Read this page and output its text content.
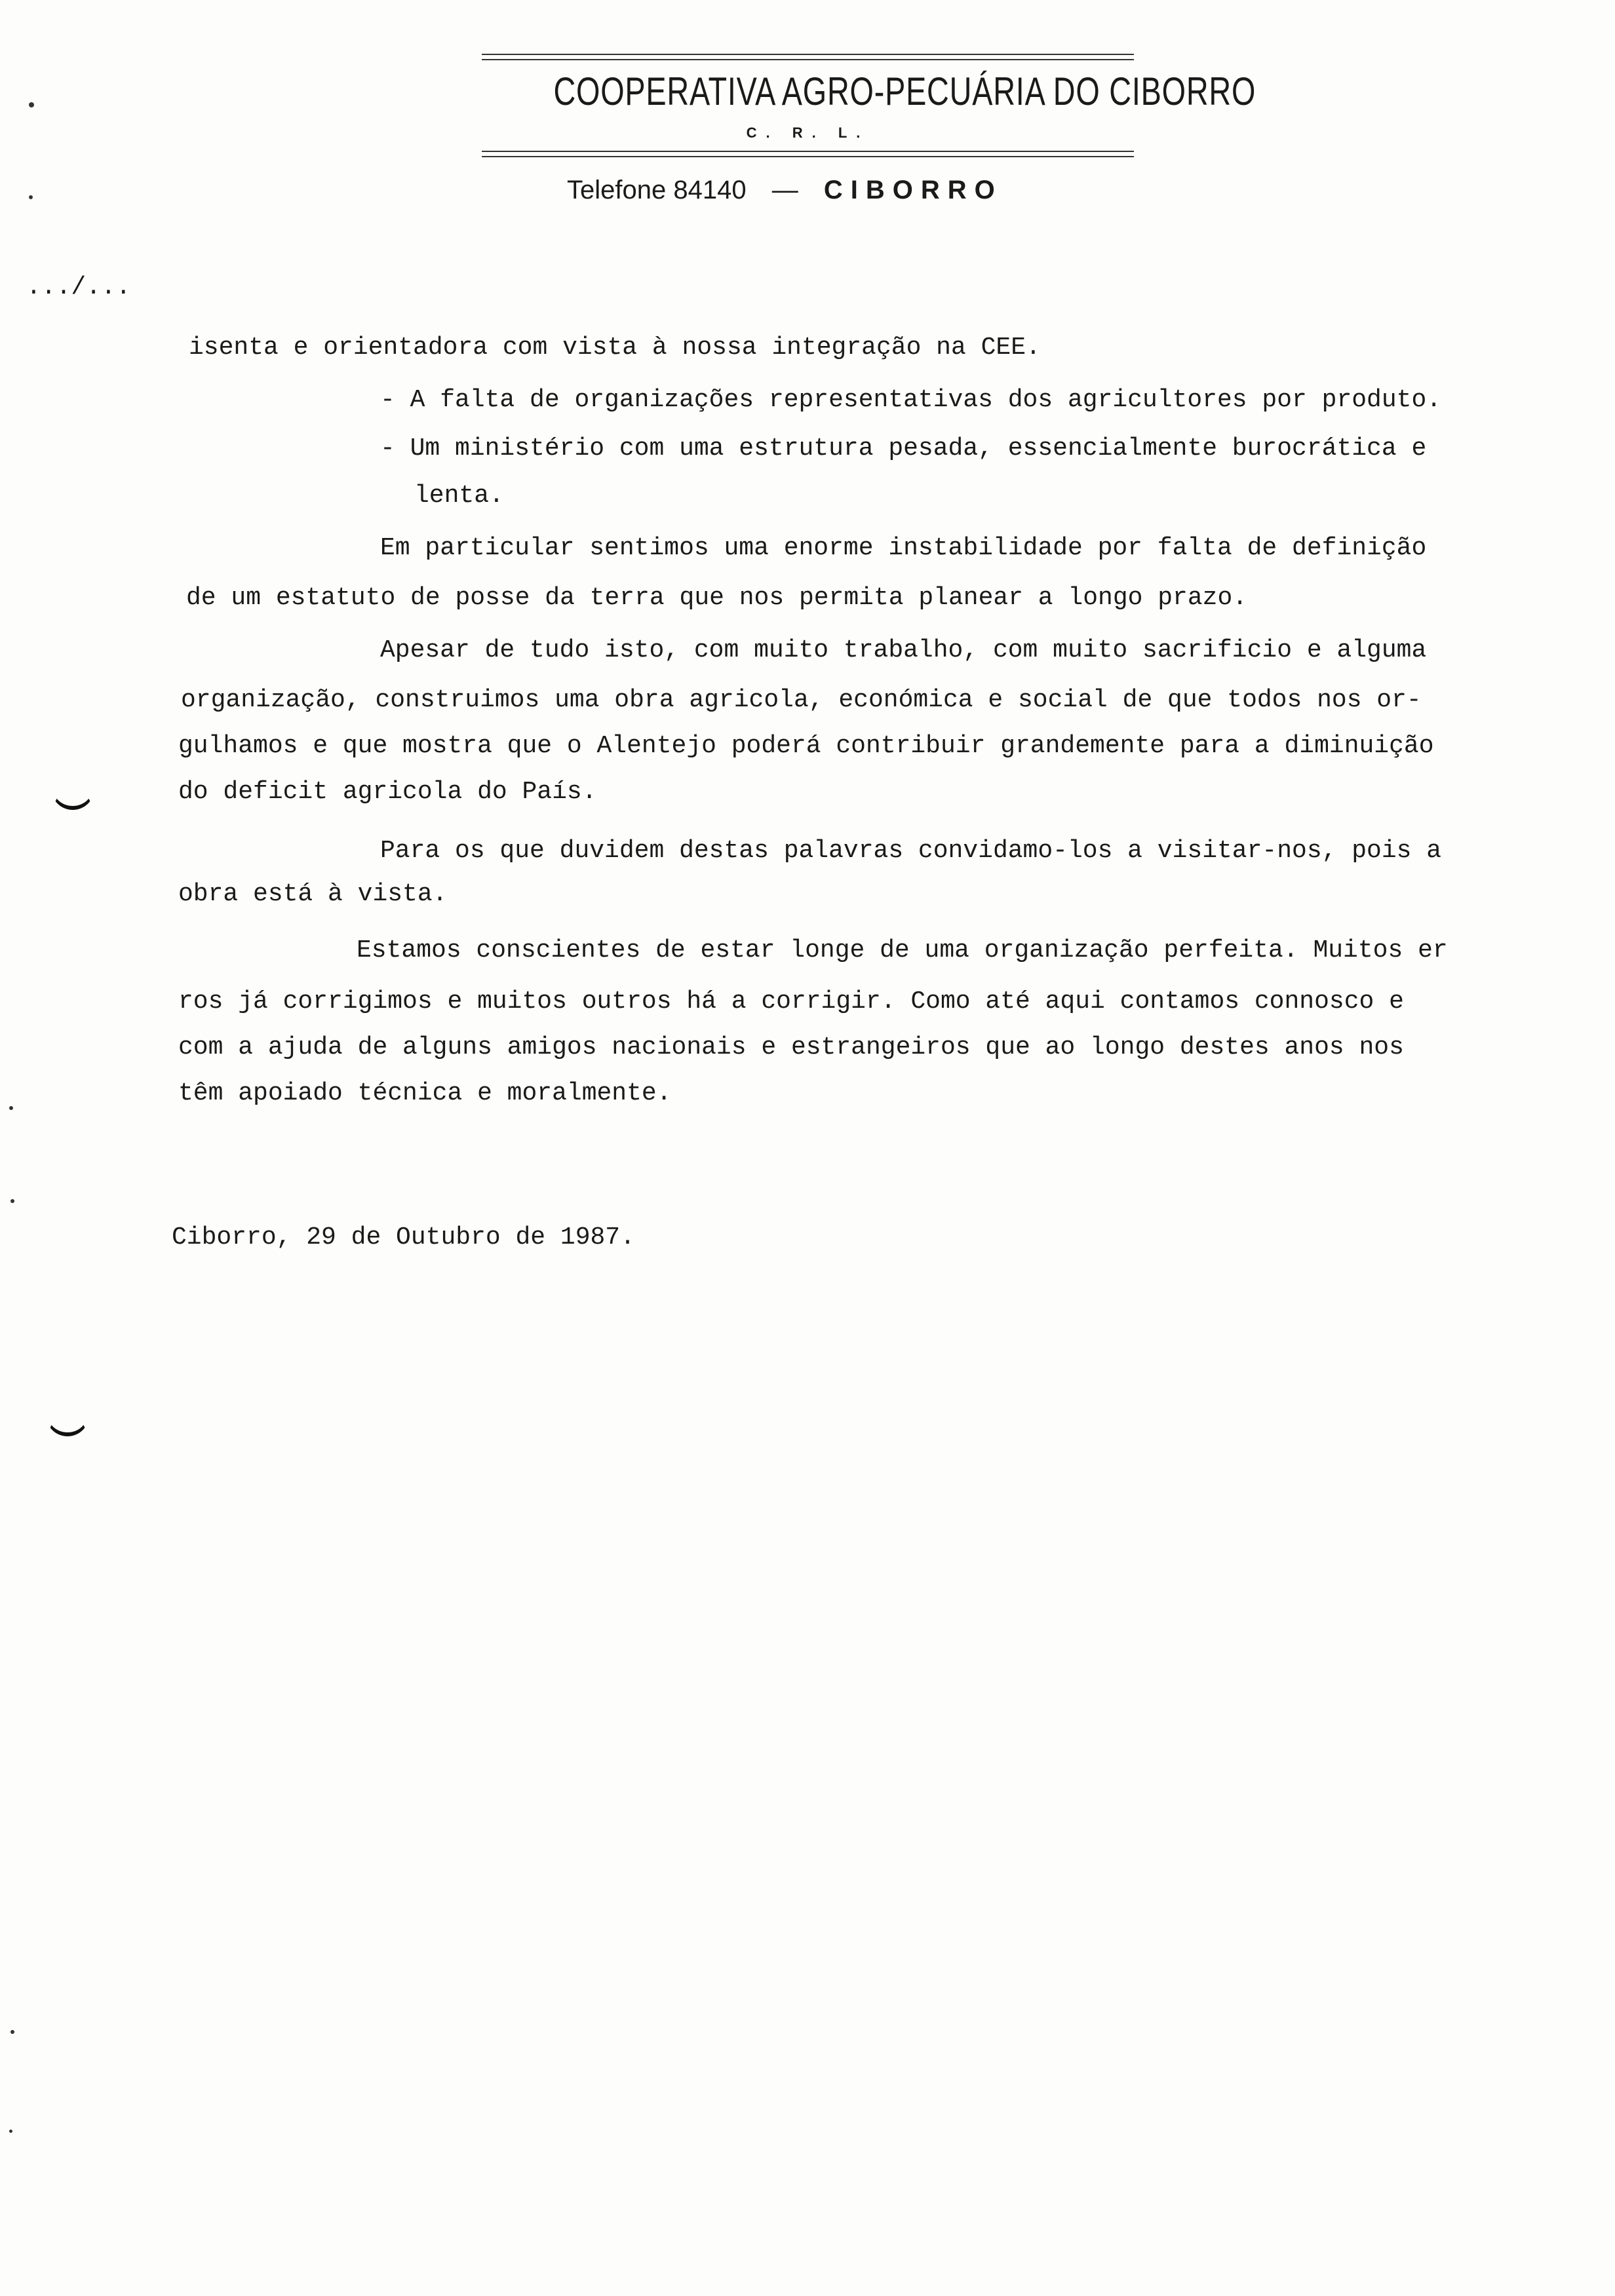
COOPERATIVA AGRO-PECUÁRIA DO CIBORRO
C. R. L.
Telefone 84140 — CIBORRO
.../...
isenta e orientadora com vista à nossa integração na CEE.
- A falta de organizações representativas dos agricultores por produto.
- Um ministério com uma estrutura pesada, essencialmente burocrática e
lenta.
Em particular sentimos uma enorme instabilidade por falta de definição
de um estatuto de posse da terra que nos permita planear a longo prazo.
Apesar de tudo isto, com muito trabalho, com muito sacrificio e alguma
organização, construimos uma obra agricola, económica e social de que todos nos or-
gulhamos e que mostra que o Alentejo poderá contribuir grandemente para a diminuição
do deficit agricola do País.
Para os que duvidem destas palavras convidamo-los a visitar-nos, pois a
obra está à vista.
Estamos conscientes de estar longe de uma organização perfeita. Muitos er
ros já corrigimos e muitos outros há a corrigir. Como até aqui contamos connosco e
com a ajuda de alguns amigos nacionais e estrangeiros que ao longo destes anos nos
têm apoiado técnica e moralmente.
Ciborro, 29 de Outubro de 1987.
